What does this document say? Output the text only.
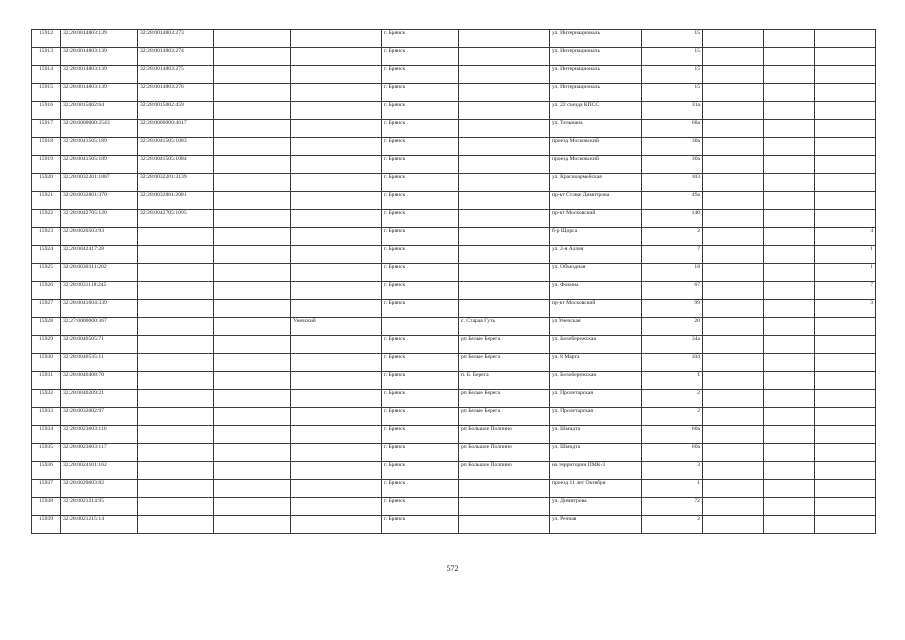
15912	32:28:0014803:139	32:28:0014803:273			г. Брянск		ул. Интернациональ	15			
15913	32:28:0014803:139	32:28:0014803:274			г. Брянск		ул. Интернациональ	15			
15914	32:28:0014803:139	32:28:0014803:275			г. Брянск		ул. Интернациональ	15			
15915	32:28:0014803:139	32:28:0014803:276			г. Брянск		ул. Интернациональ	15			
15916	32:28:0015002:64	32:28:0015002:459			г. Брянск		ул. 22 съезда КПСС	31а			
15917	32:28:0000000:2543	32:28:0000000:4617			г. Брянск		ул. Тельмана	68а			
15918	32:28:0041505:189	32:28:0041505:1083			г. Брянск		проезд Московский	30а			
15919	32:28:0041505:189	32:28:0041505:1084			г. Брянск		проезд Московский	30а			
15920	32:28:0032201:1887	32:28:0032201:3139			г. Брянск		ул. Красноармейская	103			
15921	32:28:0032801:370	32:28:0032801:2081			г. Брянск		пр-кт Ст.нке Димитрова	49а			
15922	32:28:0042705:120	32:28:0042705:1095			г. Брянск		пр-кт Московский	140			
15923	32:28:0020503:93				г. Брянск		б-р Щорса	2			4
15924	32:28:0042417:28				г. Брянск		ул. 2-я Аллея	7			1
15925	32:28:0030311:202				г. Брянск		ул. Объездная	18			1
15926	32:28:0031118:245				г. Брянск		ул. Фокина	67			7
15927	32:28:0041604:339				г. Брянск		пр-кт Московский	99			3
15928	32:27:0000000:367			Унечский		с. Старая Гуть	ул Унечская	20			
15929	32:28:0040505:71				г. Брянск	рп Белые Берега	ул. Белобережская	34а			
15930	32:28:0040535:11				г. Брянск	рп Белые Берега	ул. 8 Марта	104			
15931	32:28:0040408:70				г. Брянск	п. Б. Берега	ул. Белобережская	1			
15932	32:28:0040209:21				г. Брянск	рп Белые Берега	ул. Пролетарская	2			
15933	32:28:0032002:97				г. Брянск	рп Белые Берега	ул. Пролетарская	2			
15934	32:28:0023603:116				г. Брянск	рп Большое Полпино	ул. Шмидта	60а			
15935	32:28:0023603:117				г. Брянск	рп Большое Полпино	ул. Шмидта	60а			
15936	32:28:0024101:162				г. Брянск	рп Большое Полпино	на территории ПМК-3	3			
15937	32:28:0020603:82				г. Брянск		проезд 11 лет Октября	1			
15938	32:28:0021214:95				г. Брянск		ул. Димитрова	72			
15939	32:28:0021215:14				г. Брянск		ул. Речная	2			
572
